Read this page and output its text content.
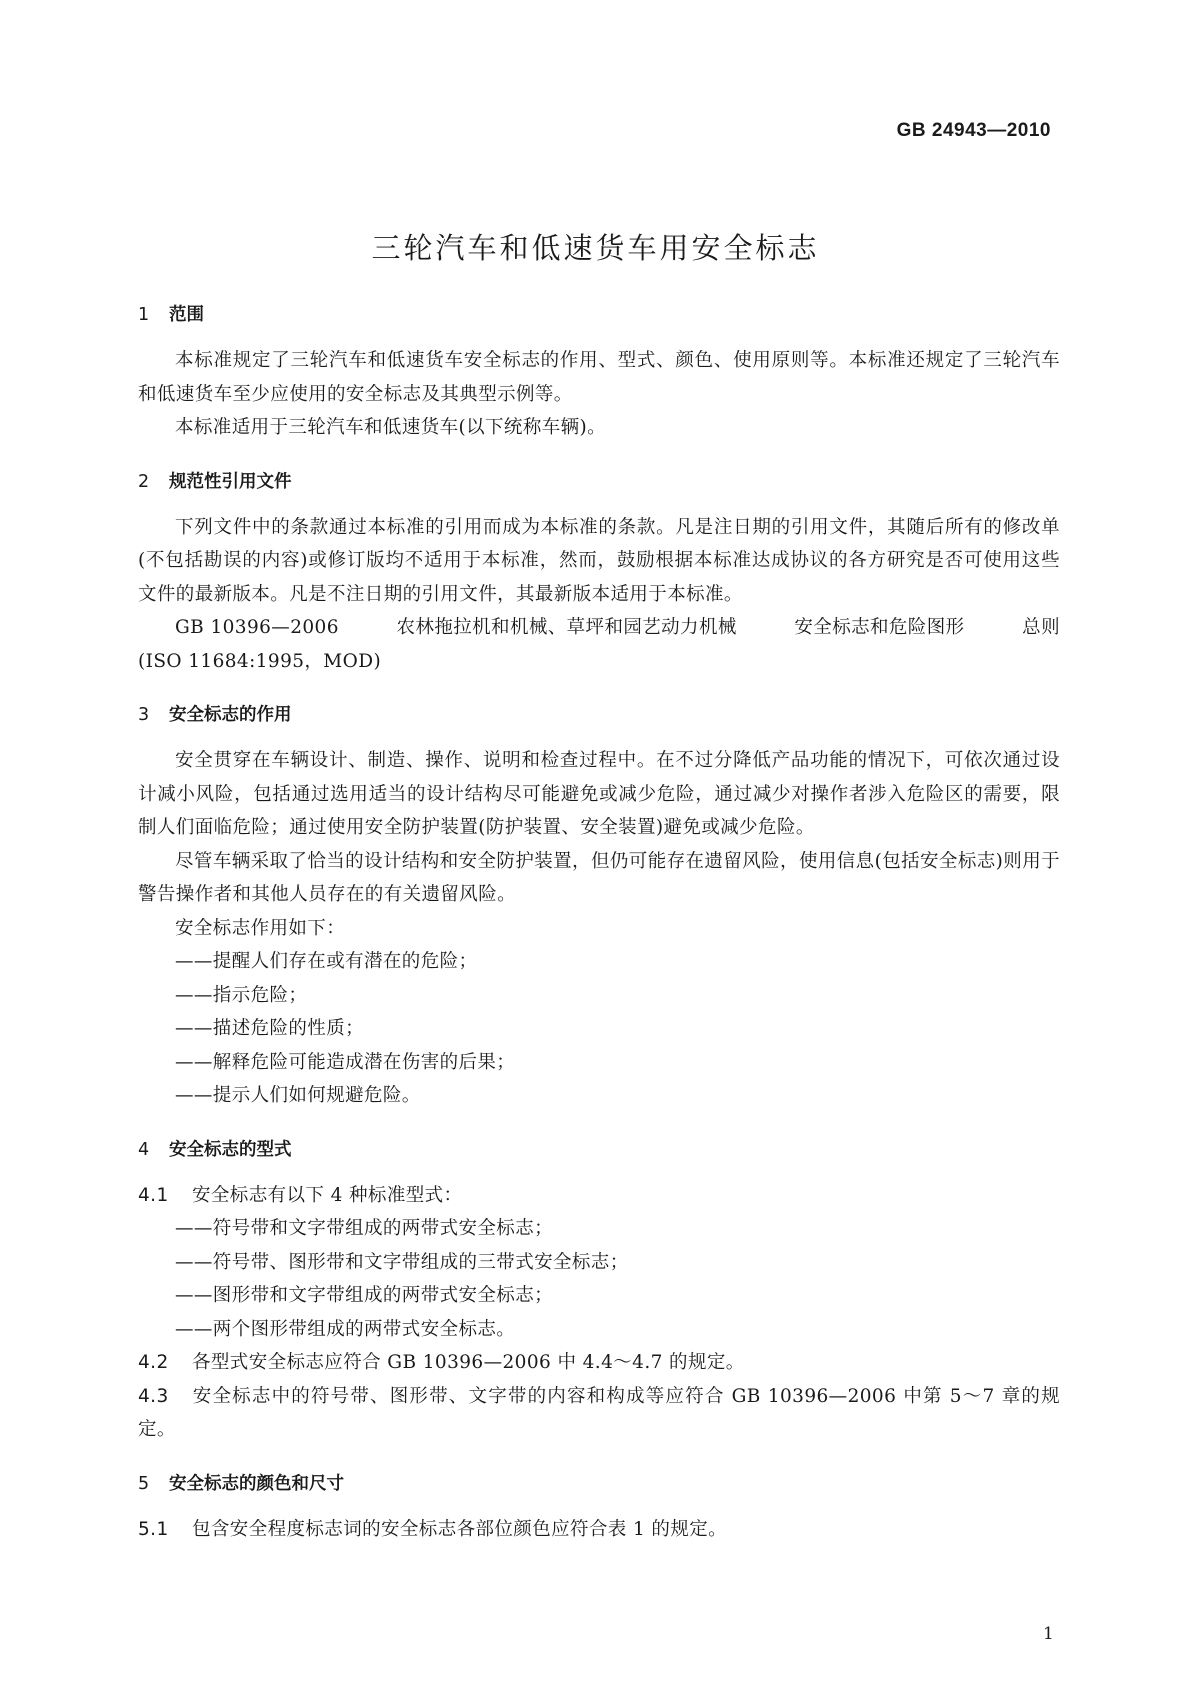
GB 24943—2010
三轮汽车和低速货车用安全标志
1 范围
本标准规定了三轮汽车和低速货车安全标志的作用、型式、颜色、使用原则等。本标准还规定了三轮汽车和低速货车至少应使用的安全标志及其典型示例等。
本标准适用于三轮汽车和低速货车(以下统称车辆)。
2 规范性引用文件
下列文件中的条款通过本标准的引用而成为本标准的条款。凡是注日期的引用文件，其随后所有的修改单(不包括勘误的内容)或修订版均不适用于本标准，然而，鼓励根据本标准达成协议的各方研究是否可使用这些文件的最新版本。凡是不注日期的引用文件，其最新版本适用于本标准。
GB 10396—2006	农林拖拉机和机械、草坪和园艺动力机械	安全标志和危险图形	总则
(ISO 11684:1995，MOD)
3 安全标志的作用
安全贯穿在车辆设计、制造、操作、说明和检查过程中。在不过分降低产品功能的情况下，可依次通过设计减小风险，包括通过选用适当的设计结构尽可能避免或减少危险，通过减少对操作者涉入危险区的需要，限制人们面临危险；通过使用安全防护装置(防护装置、安全装置)避免或减少危险。
尽管车辆采取了恰当的设计结构和安全防护装置，但仍可能存在遗留风险，使用信息(包括安全标志)则用于警告操作者和其他人员存在的有关遗留风险。
安全标志作用如下：
——提醒人们存在或有潜在的危险；
——指示危险；
——描述危险的性质；
——解释危险可能造成潜在伤害的后果；
——提示人们如何规避危险。
4 安全标志的型式
4.1 安全标志有以下 4 种标准型式：
——符号带和文字带组成的两带式安全标志；
——符号带、图形带和文字带组成的三带式安全标志；
——图形带和文字带组成的两带式安全标志；
——两个图形带组成的两带式安全标志。
4.2 各型式安全标志应符合 GB 10396—2006 中 4.4～4.7 的规定。
4.3 安全标志中的符号带、图形带、文字带的内容和构成等应符合 GB 10396—2006 中第 5～7 章的规定。
5 安全标志的颜色和尺寸
5.1 包含安全程度标志词的安全标志各部位颜色应符合表 1 的规定。
1
